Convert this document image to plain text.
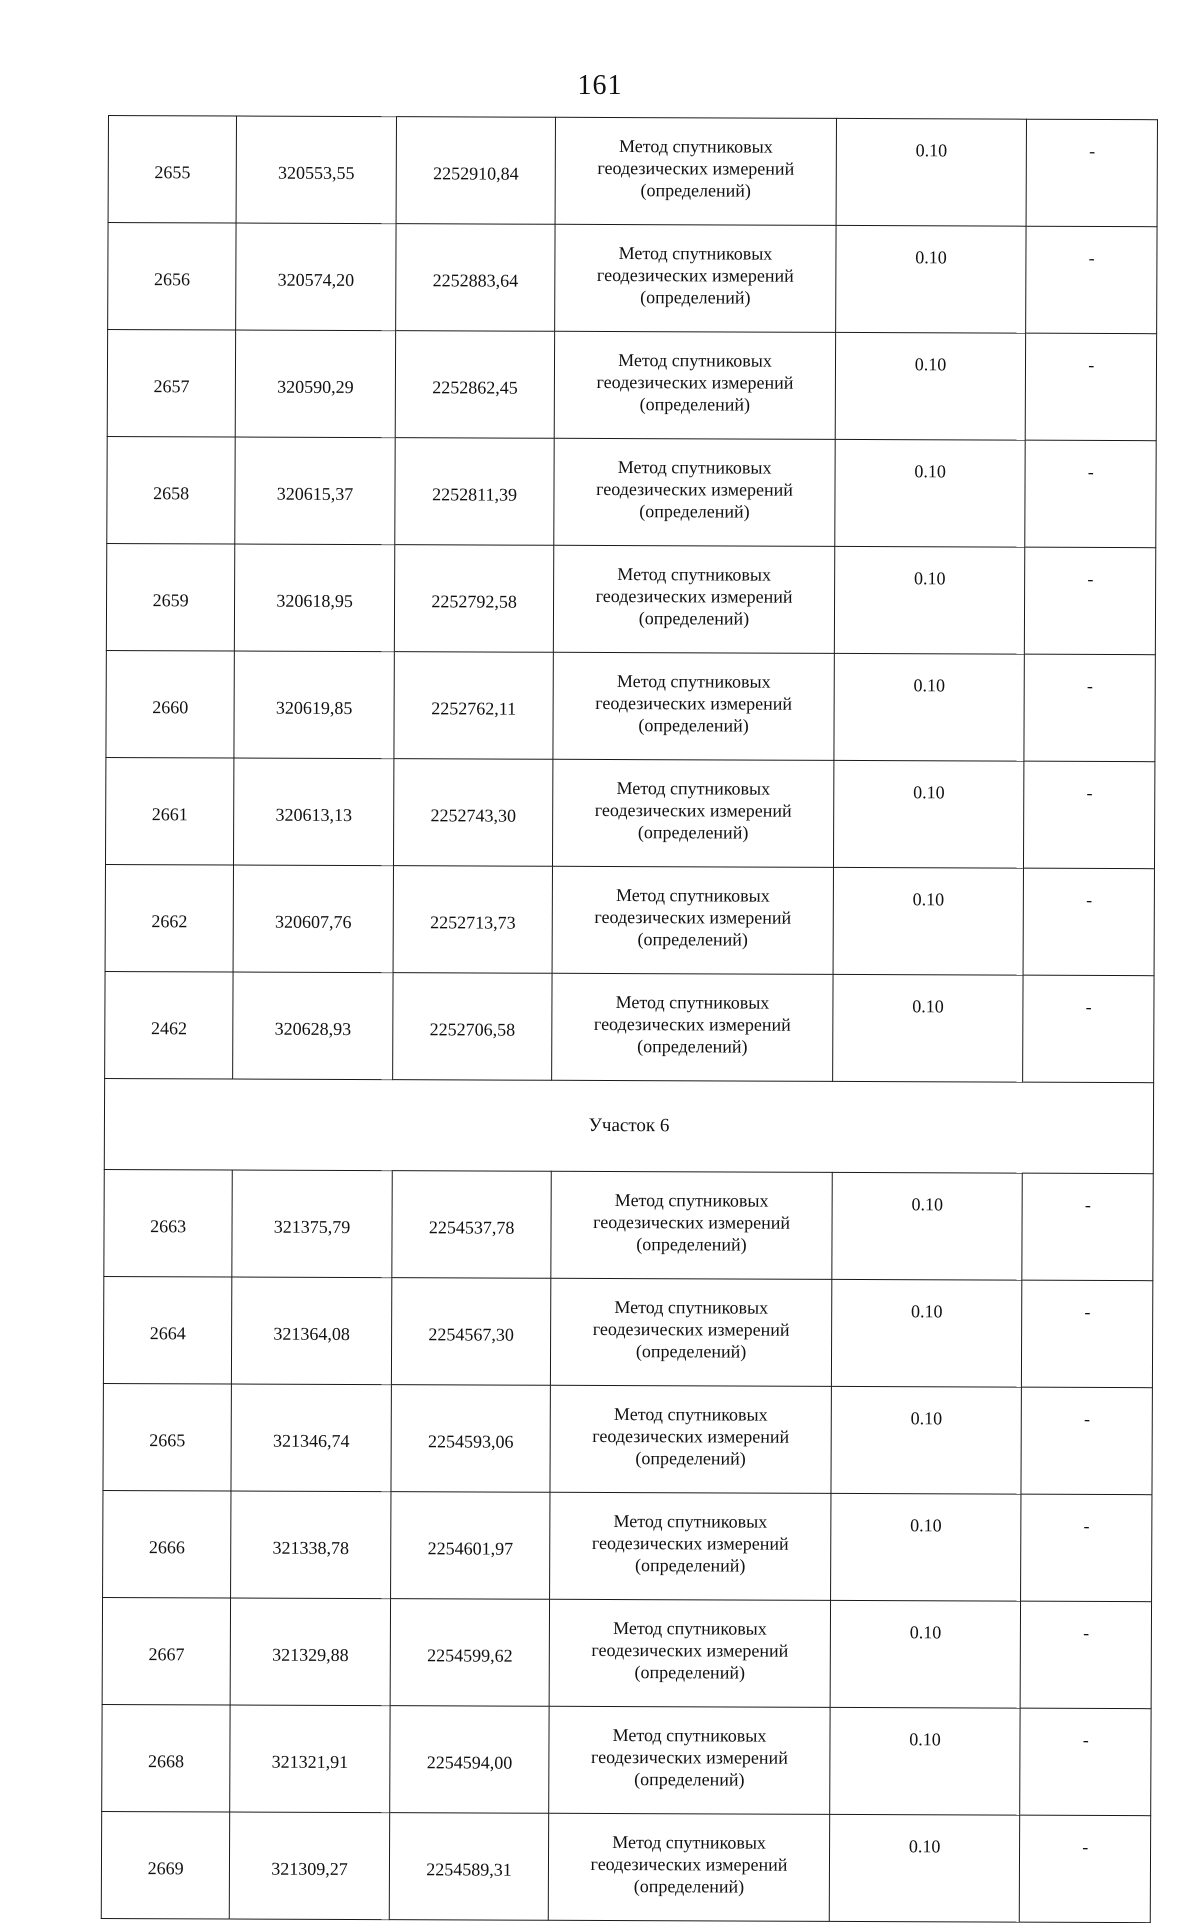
161
2655	320553,55	2252910,84	Метод спутниковых
геодезических измерений
(определений)	0.10	-
2656	320574,20	2252883,64	Метод спутниковых
геодезических измерений
(определений)	0.10	-
2657	320590,29	2252862,45	Метод спутниковых
геодезических измерений
(определений)	0.10	-
2658	320615,37	2252811,39	Метод спутниковых
геодезических измерений
(определений)	0.10	-
2659	320618,95	2252792,58	Метод спутниковых
геодезических измерений
(определений)	0.10	-
2660	320619,85	2252762,11	Метод спутниковых
геодезических измерений
(определений)	0.10	-
2661	320613,13	2252743,30	Метод спутниковых
геодезических измерений
(определений)	0.10	-
2662	320607,76	2252713,73	Метод спутниковых
геодезических измерений
(определений)	0.10	-
2462	320628,93	2252706,58	Метод спутниковых
геодезических измерений
(определений)	0.10	-
Участок 6					
2663	321375,79	2254537,78	Метод спутниковых
геодезических измерений
(определений)	0.10	-
2664	321364,08	2254567,30	Метод спутниковых
геодезических измерений
(определений)	0.10	-
2665	321346,74	2254593,06	Метод спутниковых
геодезических измерений
(определений)	0.10	-
2666	321338,78	2254601,97	Метод спутниковых
геодезических измерений
(определений)	0.10	-
2667	321329,88	2254599,62	Метод спутниковых
геодезических измерений
(определений)	0.10	-
2668	321321,91	2254594,00	Метод спутниковых
геодезических измерений
(определений)	0.10	-
2669	321309,27	2254589,31	Метод спутниковых
геодезических измерений
(определений)	0.10	-
